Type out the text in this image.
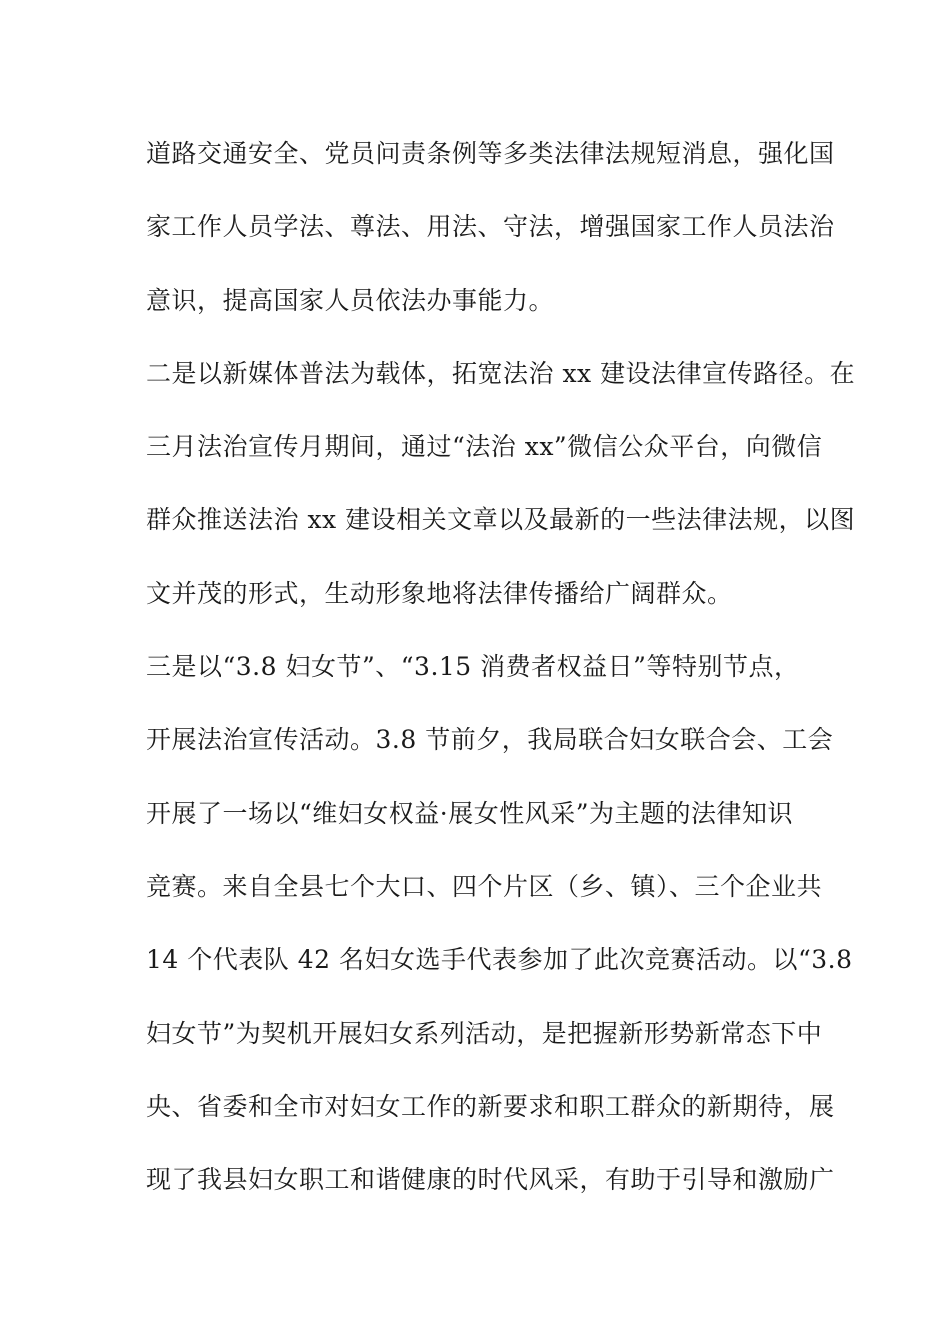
道路交通安全、党员问责条例等多类法律法规短消息，强化国
家工作人员学法、尊法、用法、守法，增强国家工作人员法治
意识，提高国家人员依法办事能力。
二是以新媒体普法为载体，拓宽法治 xx 建设法律宣传路径。在
三月法治宣传月期间，通过“法治 xx”微信公众平台，向微信
群众推送法治 xx 建设相关文章以及最新的一些法律法规，以图
文并茂的形式，生动形象地将法律传播给广阔群众。
三是以“3.8 妇女节”、“3.15 消费者权益日”等特别节点，
开展法治宣传活动。3.8 节前夕，我局联合妇女联合会、工会
开展了一场以“维妇女权益·展女性风采”为主题的法律知识
竞赛。来自全县七个大口、四个片区（乡、镇）、三个企业共
14 个代表队 42 名妇女选手代表参加了此次竞赛活动。以“3.8
妇女节”为契机开展妇女系列活动，是把握新形势新常态下中
央、省委和全市对妇女工作的新要求和职工群众的新期待，展
现了我县妇女职工和谐健康的时代风采，有助于引导和激励广
